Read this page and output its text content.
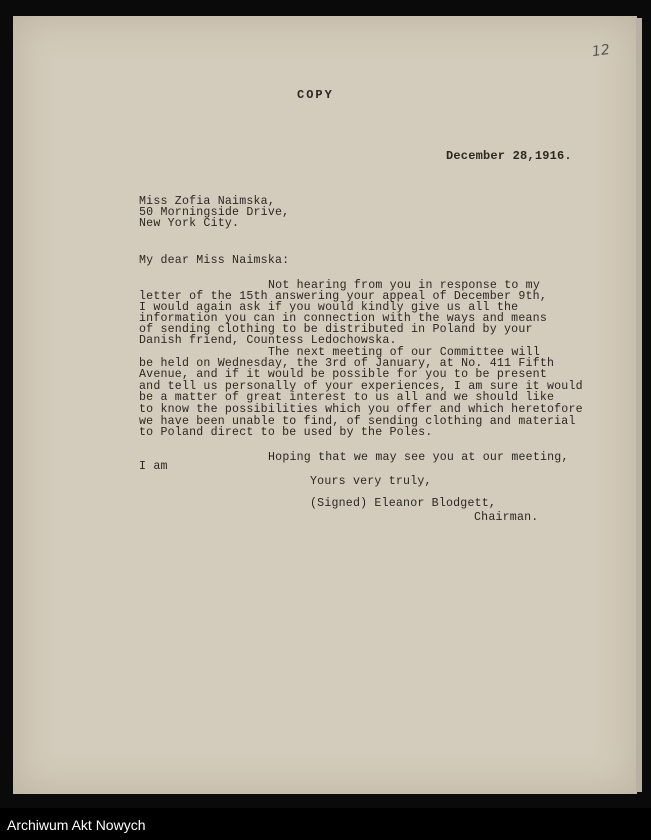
12
COPY
December 28,1916.
Miss Zofia Naimska,
50 Morningside Drive,
New York City.
My dear Miss Naimska:
Not hearing from you in response to my
letter of the 15th answering your appeal of December 9th,
I would again ask if you would kindly give us all the
information you can in connection with the ways and means
of sending clothing to be distributed in Poland by your
Danish friend, Countess Ledochowska.
The next meeting of our Committee will
be held on Wednesday, the 3rd of January, at No. 411 Fifth
Avenue, and if it would be possible for you to be present
and tell us personally of your experiences, I am sure it would
be a matter of great interest to us all and we should like
to know the possibilities which you offer and which heretofore
we have been unable to find, of sending clothing and material
to Poland direct to be used by the Poles.
Hoping that we may see you at our meeting,
I am
Yours very truly,
(Signed) Eleanor Blodgett,
Chairman.
Archiwum Akt Nowych
